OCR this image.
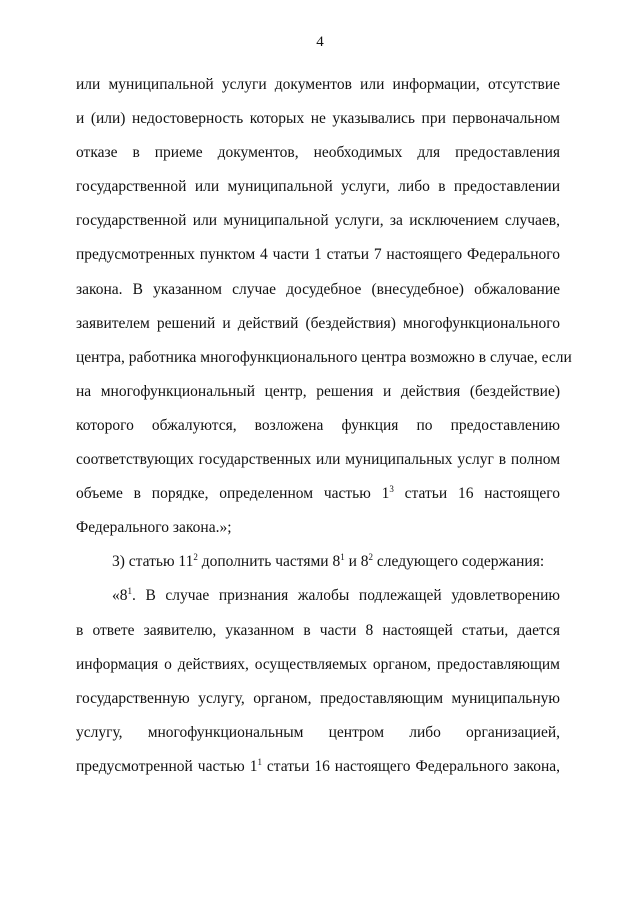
4
или муниципальной услуги документов или информации, отсутствие
и (или) недостоверность которых не указывались при первоначальном
отказе в приеме документов, необходимых для предоставления
государственной или муниципальной услуги, либо в предоставлении
государственной или муниципальной услуги, за исключением случаев,
предусмотренных пунктом 4 части 1 статьи 7 настоящего Федерального
закона. В указанном случае досудебное (внесудебное) обжалование
заявителем решений и действий (бездействия) многофункционального
центра, работника многофункционального центра возможно в случае, если
на многофункциональный центр, решения и действия (бездействие)
которого обжалуются, возложена функция по предоставлению
соответствующих государственных или муниципальных услуг в полном
объеме в порядке, определенном частью $1^3$ статьи 16 настоящего
Федерального закона.»;
3) статью $11^2$ дополнить частями $8^1$ и $8^2$ следующего содержания:
«$8^1$. В случае признания жалобы подлежащей удовлетворению
в ответе заявителю, указанном в части 8 настоящей статьи, дается
информация о действиях, осуществляемых органом, предоставляющим
государственную услугу, органом, предоставляющим муниципальную
услугу, многофункциональным центром либо организацией,
предусмотренной частью $1^1$ статьи 16 настоящего Федерального закона,
